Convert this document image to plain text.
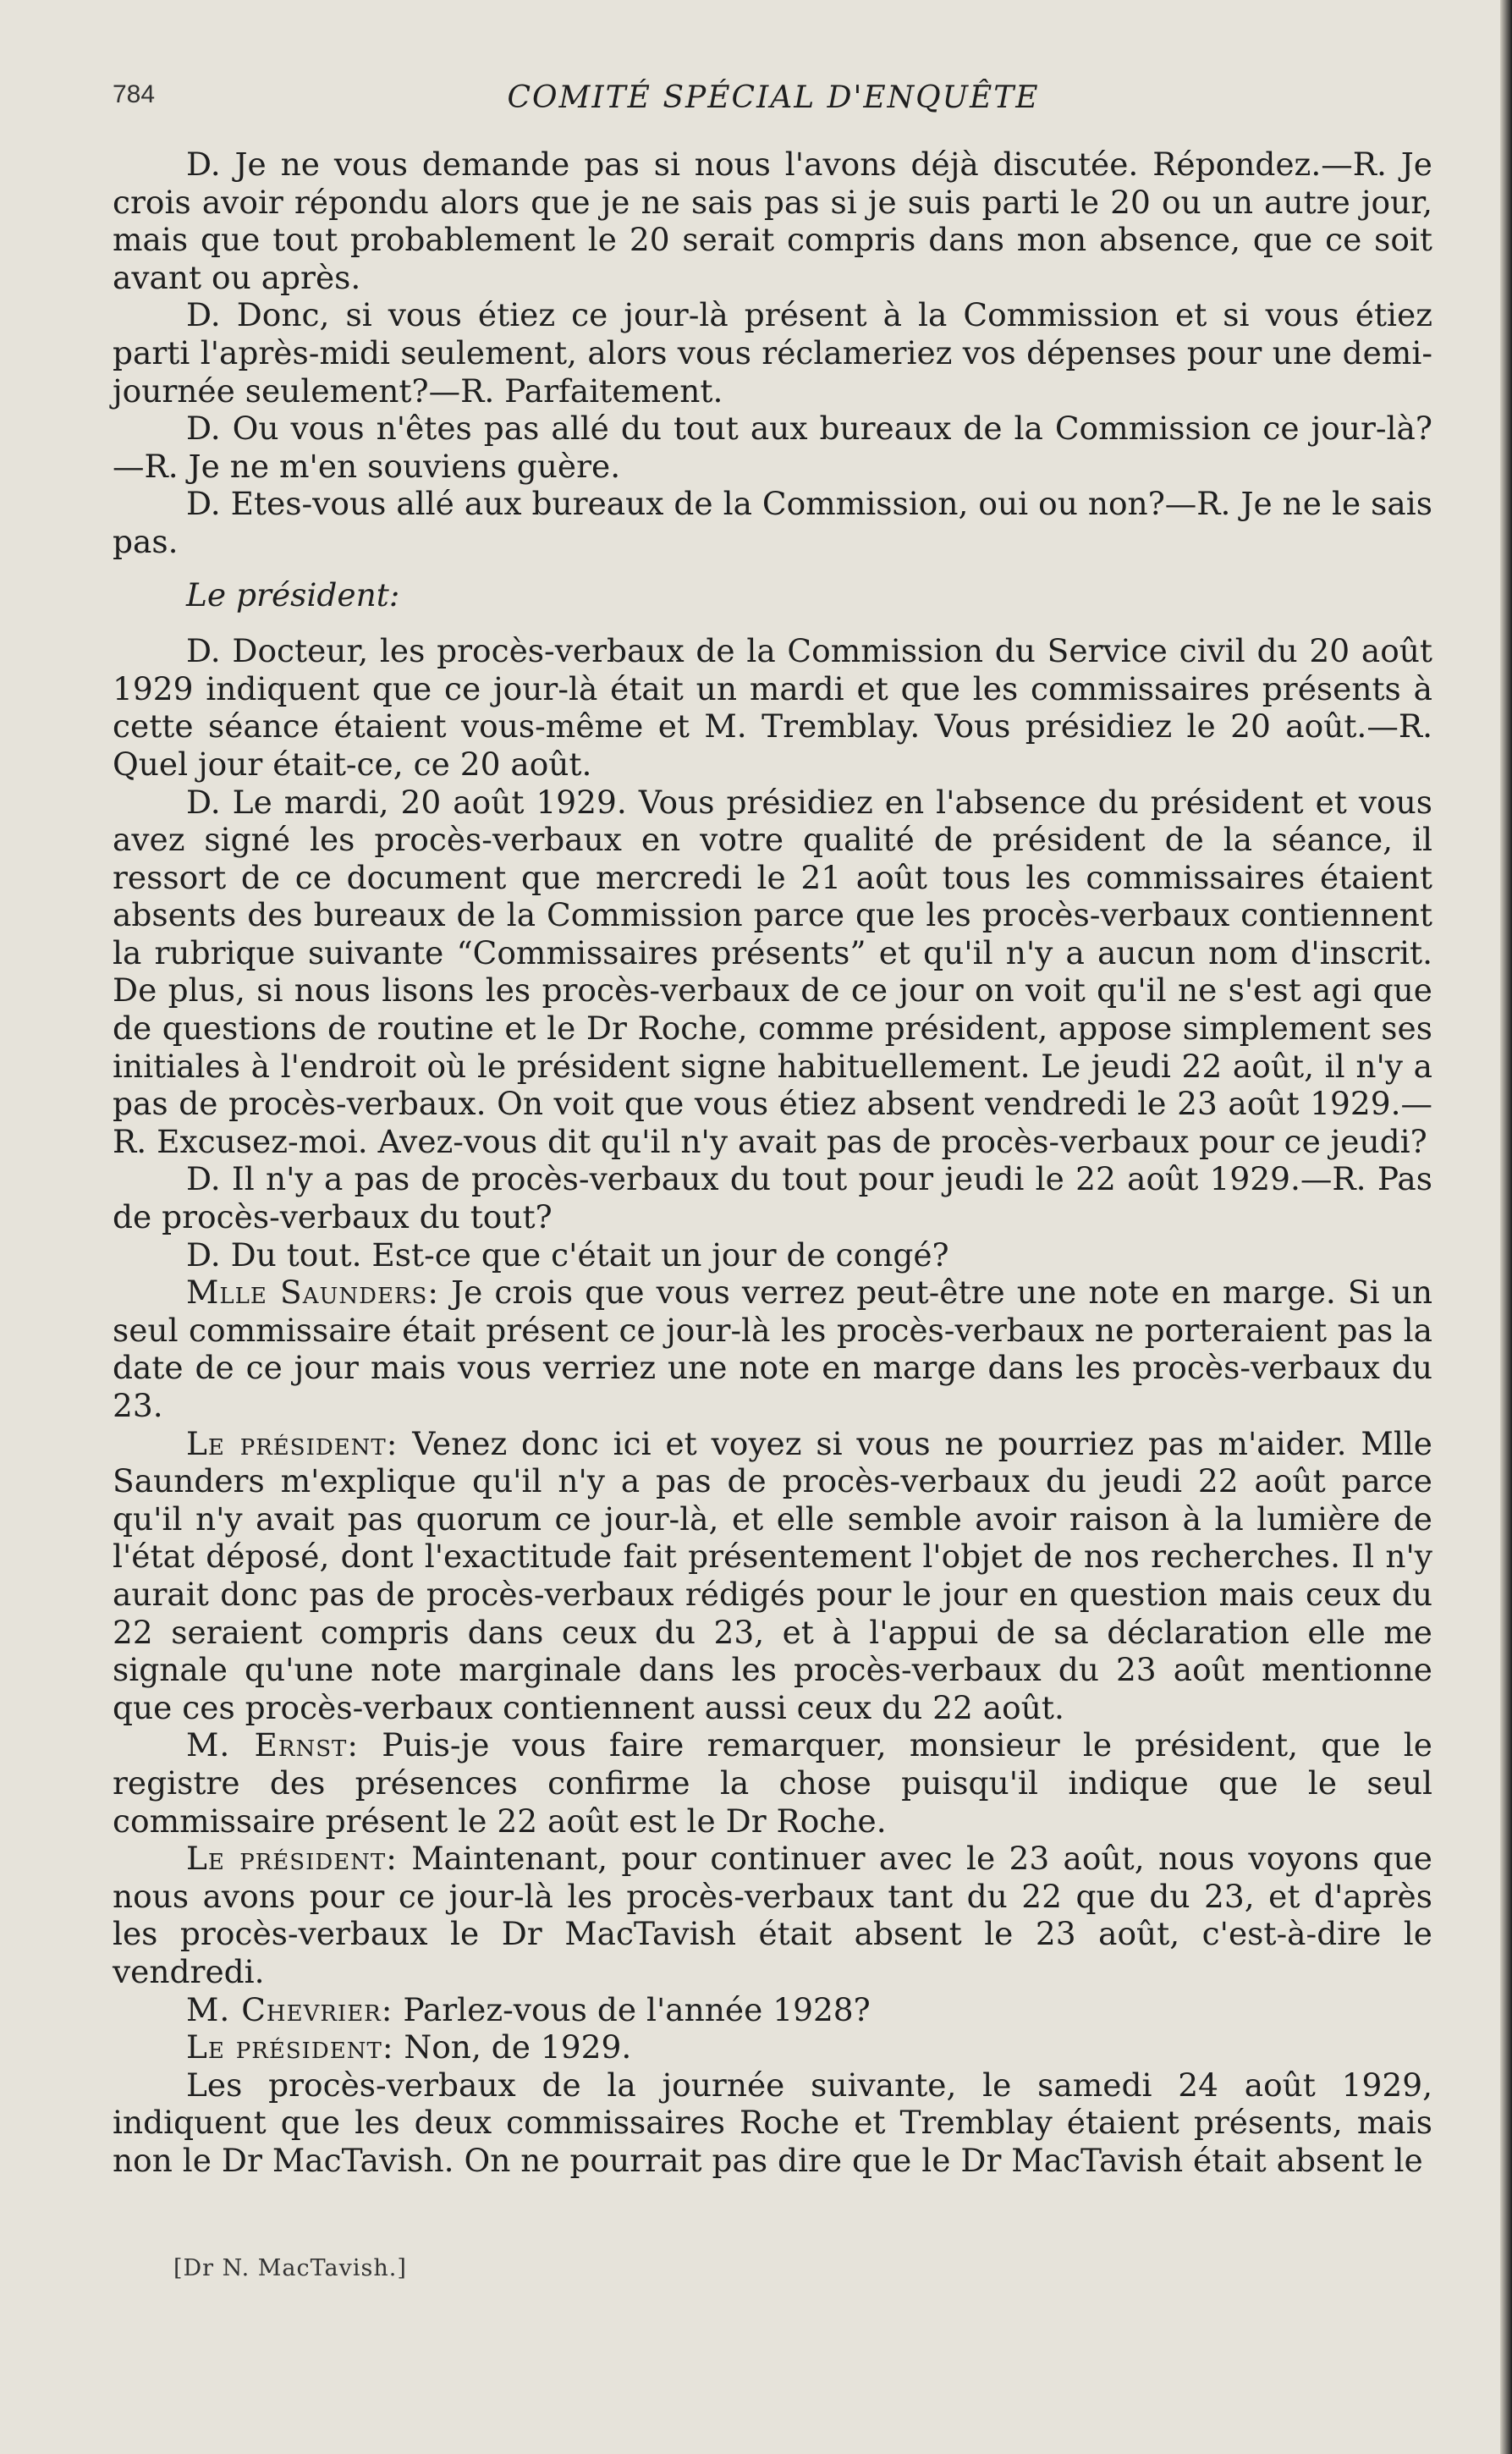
784	COMITÉ SPÉCIAL D'ENQUÊTE

D. Je ne vous demande pas si nous l'avons déjà discutée. Répondez.—R. Je crois avoir répondu alors que je ne sais pas si je suis parti le 20 ou un autre jour, mais que tout probablement le 20 serait compris dans mon absence, que ce soit avant ou après.

D. Donc, si vous étiez ce jour-là présent à la Commission et si vous étiez parti l'après-midi seulement, alors vous réclameriez vos dépenses pour une demi-journée seulement?—R. Parfaitement.

D. Ou vous n'êtes pas allé du tout aux bureaux de la Commission ce jour-là?—R. Je ne m'en souviens guère.

D. Etes-vous allé aux bureaux de la Commission, oui ou non?—R. Je ne le sais pas.

Le président:

D. Docteur, les procès-verbaux de la Commission du Service civil du 20 août 1929 indiquent que ce jour-là était un mardi et que les commissaires présents à cette séance étaient vous-même et M. Tremblay. Vous présidiez le 20 août.—R. Quel jour était-ce, ce 20 août.

D. Le mardi, 20 août 1929. Vous présidiez en l'absence du président et vous avez signé les procès-verbaux en votre qualité de président de la séance, il ressort de ce document que mercredi le 21 août tous les commissaires étaient absents des bureaux de la Commission parce que les procès-verbaux contiennent la rubrique suivante “Commissaires présents” et qu'il n'y a aucun nom d'inscrit. De plus, si nous lisons les procès-verbaux de ce jour on voit qu'il ne s'est agi que de questions de routine et le Dr Roche, comme président, appose simplement ses initiales à l'endroit où le président signe habituellement. Le jeudi 22 août, il n'y a pas de procès-verbaux. On voit que vous étiez absent vendredi le 23 août 1929.—R. Excusez-moi. Avez-vous dit qu'il n'y avait pas de procès-verbaux pour ce jeudi?

D. Il n'y a pas de procès-verbaux du tout pour jeudi le 22 août 1929.—R. Pas de procès-verbaux du tout?

D. Du tout. Est-ce que c'était un jour de congé?

Mlle Saunders: Je crois que vous verrez peut-être une note en marge. Si un seul commissaire était présent ce jour-là les procès-verbaux ne porteraient pas la date de ce jour mais vous verriez une note en marge dans les procès-verbaux du 23.

Le président: Venez donc ici et voyez si vous ne pourriez pas m'aider. Mlle Saunders m'explique qu'il n'y a pas de procès-verbaux du jeudi 22 août parce qu'il n'y avait pas quorum ce jour-là, et elle semble avoir raison à la lumière de l'état déposé, dont l'exactitude fait présentement l'objet de nos recherches. Il n'y aurait donc pas de procès-verbaux rédigés pour le jour en question mais ceux du 22 seraient compris dans ceux du 23, et à l'appui de sa déclaration elle me signale qu'une note marginale dans les procès-verbaux du 23 août mentionne que ces procès-verbaux contiennent aussi ceux du 22 août.

M. Ernst: Puis-je vous faire remarquer, monsieur le président, que le registre des présences confirme la chose puisqu'il indique que le seul commissaire présent le 22 août est le Dr Roche.

Le président: Maintenant, pour continuer avec le 23 août, nous voyons que nous avons pour ce jour-là les procès-verbaux tant du 22 que du 23, et d'après les procès-verbaux le Dr MacTavish était absent le 23 août, c'est-à-dire le vendredi.

M. Chevrier: Parlez-vous de l'année 1928?

Le président: Non, de 1929.

Les procès-verbaux de la journée suivante, le samedi 24 août 1929, indiquent que les deux commissaires Roche et Tremblay étaient présents, mais non le Dr MacTavish. On ne pourrait pas dire que le Dr MacTavish était absent le

[Dr N. MacTavish.]
